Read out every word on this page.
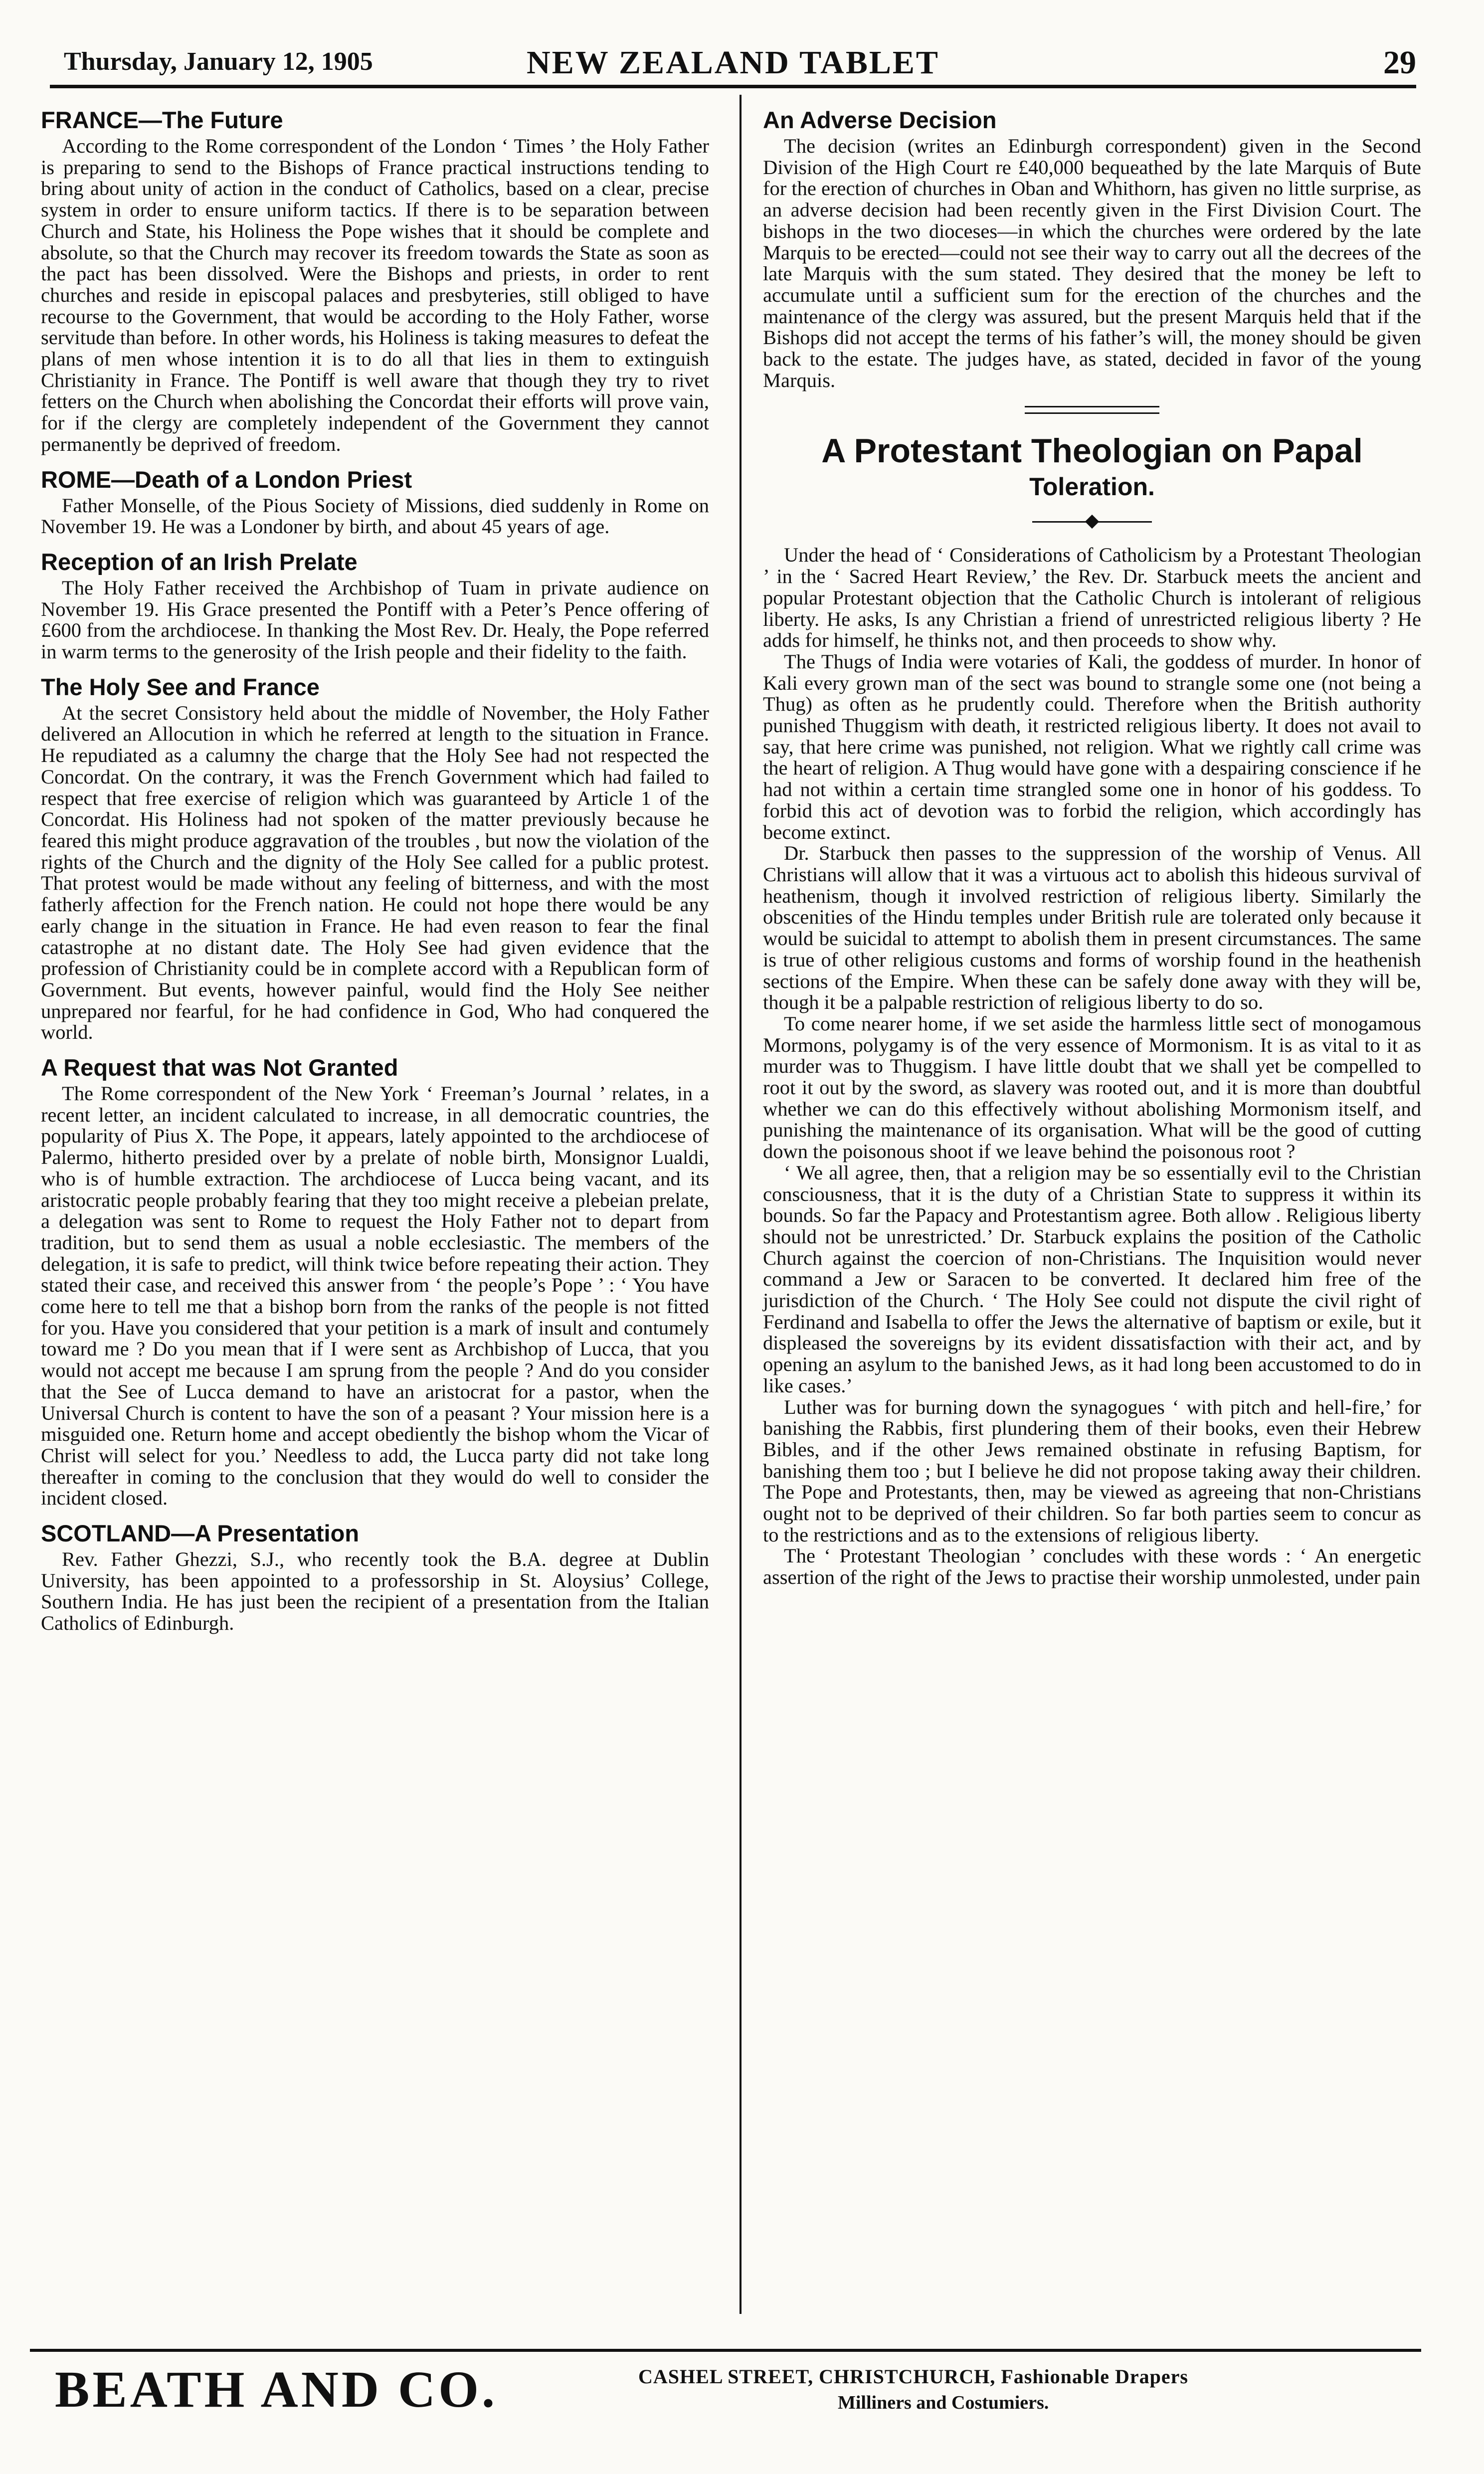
Thursday, January 12, 1905	NEW ZEALAND TABLET	29
FRANCE—The Future

According to the Rome correspondent of the London ‘ Times ’ the Holy Father is preparing to send to the Bishops of France practical instructions tending to bring about unity of action in the conduct of Catholics, based on a clear, precise system in order to ensure uniform tactics. If there is to be separation between Church and State, his Holiness the Pope wishes that it should be complete and absolute, so that the Church may recover its freedom towards the State as soon as the pact has been dissolved. Were the Bishops and priests, in order to rent churches and reside in episcopal palaces and presbyteries, still obliged to have recourse to the Government, that would be according to the Holy Father, worse servitude than before. In other words, his Holiness is taking measures to defeat the plans of men whose intention it is to do all that lies in them to extinguish Christianity in France. The Pontiff is well aware that though they try to rivet fetters on the Church when abolishing the Concordat their efforts will prove vain, for if the clergy are completely independent of the Government they cannot permanently be deprived of freedom.

ROME—Death of a London Priest

Father Monselle, of the Pious Society of Missions, died suddenly in Rome on November 19. He was a Londoner by birth, and about 45 years of age.

Reception of an Irish Prelate

The Holy Father received the Archbishop of Tuam in private audience on November 19. His Grace presented the Pontiff with a Peter’s Pence offering of £600 from the archdiocese. In thanking the Most Rev. Dr. Healy, the Pope referred in warm terms to the generosity of the Irish people and their fidelity to the faith.

The Holy See and France

At the secret Consistory held about the middle of November, the Holy Father delivered an Allocution in which he referred at length to the situation in France. He repudiated as a calumny the charge that the Holy See had not respected the Concordat. On the contrary, it was the French Government which had failed to respect that free exercise of religion which was guaranteed by Article 1 of the Concordat. His Holiness had not spoken of the matter previously because he feared this might produce aggravation of the troubles , but now the violation of the rights of the Church and the dignity of the Holy See called for a public protest. That protest would be made without any feeling of bitterness, and with the most fatherly affection for the French nation. He could not hope there would be any early change in the situation in France. He had even reason to fear the final catastrophe at no distant date. The Holy See had given evidence that the profession of Christianity could be in complete accord with a Republican form of Government. But events, however painful, would find the Holy See neither unprepared nor fearful, for he had confidence in God, Who had conquered the world.

A Request that was Not Granted

The Rome correspondent of the New York ‘ Freeman’s Journal ’ relates, in a recent letter, an incident calculated to increase, in all democratic countries, the popularity of Pius X. The Pope, it appears, lately appointed to the archdiocese of Palermo, hitherto presided over by a prelate of noble birth, Monsignor Lualdi, who is of humble extraction. The archdiocese of Lucca being vacant, and its aristocratic people probably fearing that they too might receive a plebeian prelate, a delegation was sent to Rome to request the Holy Father not to depart from tradition, but to send them as usual a noble ecclesiastic. The members of the delegation, it is safe to predict, will think twice before repeating their action. They stated their case, and received this answer from ‘ the people’s Pope ’ : ‘ You have come here to tell me that a bishop born from the ranks of the people is not fitted for you. Have you considered that your petition is a mark of insult and contumely toward me ? Do you mean that if I were sent as Archbishop of Lucca, that you would not accept me because I am sprung from the people ? And do you consider that the See of Lucca demand to have an aristocrat for a pastor, when the Universal Church is content to have the son of a peasant ? Your mission here is a misguided one. Return home and accept obediently the bishop whom the Vicar of Christ will select for you.’ Needless to add, the Lucca party did not take long thereafter in coming to the conclusion that they would do well to consider the incident closed.

SCOTLAND—A Presentation

Rev. Father Ghezzi, S.J., who recently took the B.A. degree at Dublin University, has been appointed to a professorship in St. Aloysius’ College, Southern India. He has just been the recipient of a presentation from the Italian Catholics of Edinburgh.

An Adverse Decision

The decision (writes an Edinburgh correspondent) given in the Second Division of the High Court re £40,000 bequeathed by the late Marquis of Bute for the erection of churches in Oban and Whithorn, has given no little surprise, as an adverse decision had been recently given in the First Division Court. The bishops in the two dioceses—in which the churches were ordered by the late Marquis to be erected—could not see their way to carry out all the decrees of the late Marquis with the sum stated. They desired that the money be left to accumulate until a sufficient sum for the erection of the churches and the maintenance of the clergy was assured, but the present Marquis held that if the Bishops did not accept the terms of his father’s will, the money should be given back to the estate. The judges have, as stated, decided in favor of the young Marquis.

A Protestant Theologian on Papal
Toleration.

Under the head of ‘ Considerations of Catholicism by a Protestant Theologian ’ in the ‘ Sacred Heart Review,’ the Rev. Dr. Starbuck meets the ancient and popular Protestant objection that the Catholic Church is intolerant of religious liberty. He asks, Is any Christian a friend of unrestricted religious liberty ? He adds for himself, he thinks not, and then proceeds to show why.

The Thugs of India were votaries of Kali, the goddess of murder. In honor of Kali every grown man of the sect was bound to strangle some one (not being a Thug) as often as he prudently could. Therefore when the British authority punished Thuggism with death, it restricted religious liberty. It does not avail to say, that here crime was punished, not religion. What we rightly call crime was the heart of religion. A Thug would have gone with a despairing conscience if he had not within a certain time strangled some one in honor of his goddess. To forbid this act of devotion was to forbid the religion, which accordingly has become extinct.

Dr. Starbuck then passes to the suppression of the worship of Venus. All Christians will allow that it was a virtuous act to abolish this hideous survival of heathenism, though it involved restriction of religious liberty. Similarly the obscenities of the Hindu temples under British rule are tolerated only because it would be suicidal to attempt to abolish them in present circumstances. The same is true of other religious customs and forms of worship found in the heathenish sections of the Empire. When these can be safely done away with they will be, though it be a palpable restriction of religious liberty to do so.

To come nearer home, if we set aside the harmless little sect of monogamous Mormons, polygamy is of the very essence of Mormonism. It is as vital to it as murder was to Thuggism. I have little doubt that we shall yet be compelled to root it out by the sword, as slavery was rooted out, and it is more than doubtful whether we can do this effectively without abolishing Mormonism itself, and punishing the maintenance of its organisation. What will be the good of cutting down the poisonous shoot if we leave behind the poisonous root ?

‘ We all agree, then, that a religion may be so essentially evil to the Christian consciousness, that it is the duty of a Christian State to suppress it within its bounds. So far the Papacy and Protestantism agree. Both allow . Religious liberty should not be unrestricted.’ Dr. Starbuck explains the position of the Catholic Church against the coercion of non-Christians. The Inquisition would never command a Jew or Saracen to be converted. It declared him free of the jurisdiction of the Church. ‘ The Holy See could not dispute the civil right of Ferdinand and Isabella to offer the Jews the alternative of baptism or exile, but it displeased the sovereigns by its evident dissatisfaction with their act, and by opening an asylum to the banished Jews, as it had long been accustomed to do in like cases.’

Luther was for burning down the synagogues ‘ with pitch and hell-fire,’ for banishing the Rabbis, first plundering them of their books, even their Hebrew Bibles, and if the other Jews remained obstinate in refusing Baptism, for banishing them too ; but I believe he did not propose taking away their children. The Pope and Protestants, then, may be viewed as agreeing that non-Christians ought not to be deprived of their children. So far both parties seem to concur as to the restrictions and as to the extensions of religious liberty.

The ‘ Protestant Theologian ’ concludes with these words : ‘ An energetic assertion of the right of the Jews to practise their worship unmolested, under pain

BEATH AND CO.	CASHEL STREET, CHRISTCHURCH, Fashionable Drapers
Milliners and Costumiers.
